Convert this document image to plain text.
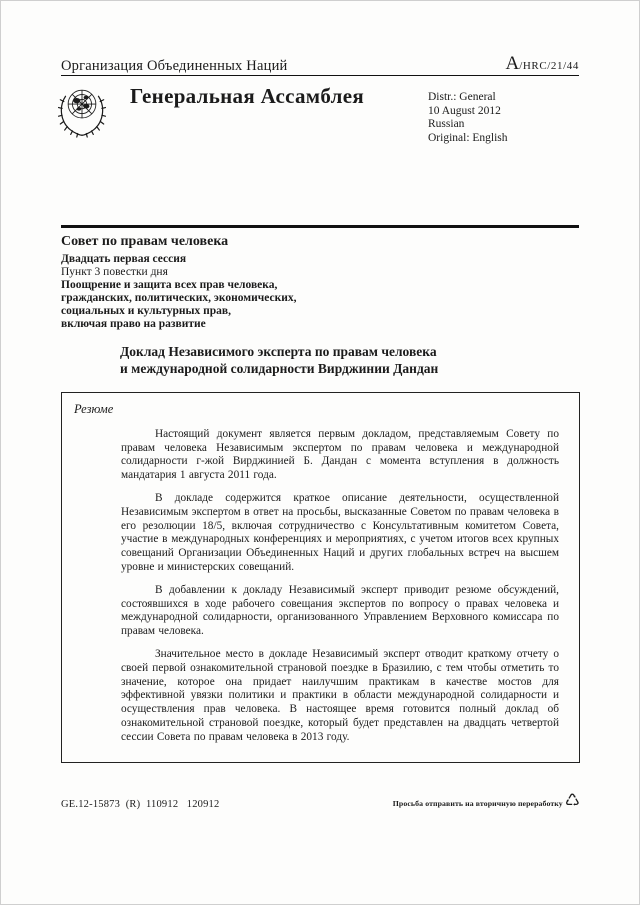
Организация Объединенных Наций	A/HRC/21/44
Генеральная Ассамблея	Distr.: General
10 August 2012
Russian
Original: English
Совет по правам человека
Двадцать первая сессия
Пункт 3 повестки дня
Поощрение и защита всех прав человека,
гражданских, политических, экономических,
социальных и культурных прав,
включая право на развитие
Доклад Независимого эксперта по правам человека
и международной солидарности Вирджинии Дандан
Резюме

Настоящий документ является первым докладом, представляемым Совету по правам человека Независимым экспертом по правам человека и международной солидарности г-жой Вирджинией Б. Дандан с момента вступления в должность мандатария 1 августа 2011 года.

В докладе содержится краткое описание деятельности, осуществленной Независимым экспертом в ответ на просьбы, высказанные Советом по правам человека в его резолюции 18/5, включая сотрудничество с Консультативным комитетом Совета, участие в международных конференциях и мероприятиях, с учетом итогов всех крупных совещаний Организации Объединенных Наций и других глобальных встреч на высшем уровне и министерских совещаний.

В добавлении к докладу Независимый эксперт приводит резюме обсуждений, состоявшихся в ходе рабочего совещания экспертов по вопросу о правах человека и международной солидарности, организованного Управлением Верховного комиссара по правам человека.

Значительное место в докладе Независимый эксперт отводит краткому отчету о своей первой ознакомительной страновой поездке в Бразилию, с тем чтобы отметить то значение, которое она придает наилучшим практикам в качестве мостов для эффективной увязки политики и практики в области международной солидарности и осуществления прав человека. В настоящее время готовится полный доклад об ознакомительной страновой поездке, который будет представлен на двадцать четвертой сессии Совета по правам человека в 2013 году.

GE.12-15873  (R)  110912   120912	Просьба отправить на вторичную переработку ♺
